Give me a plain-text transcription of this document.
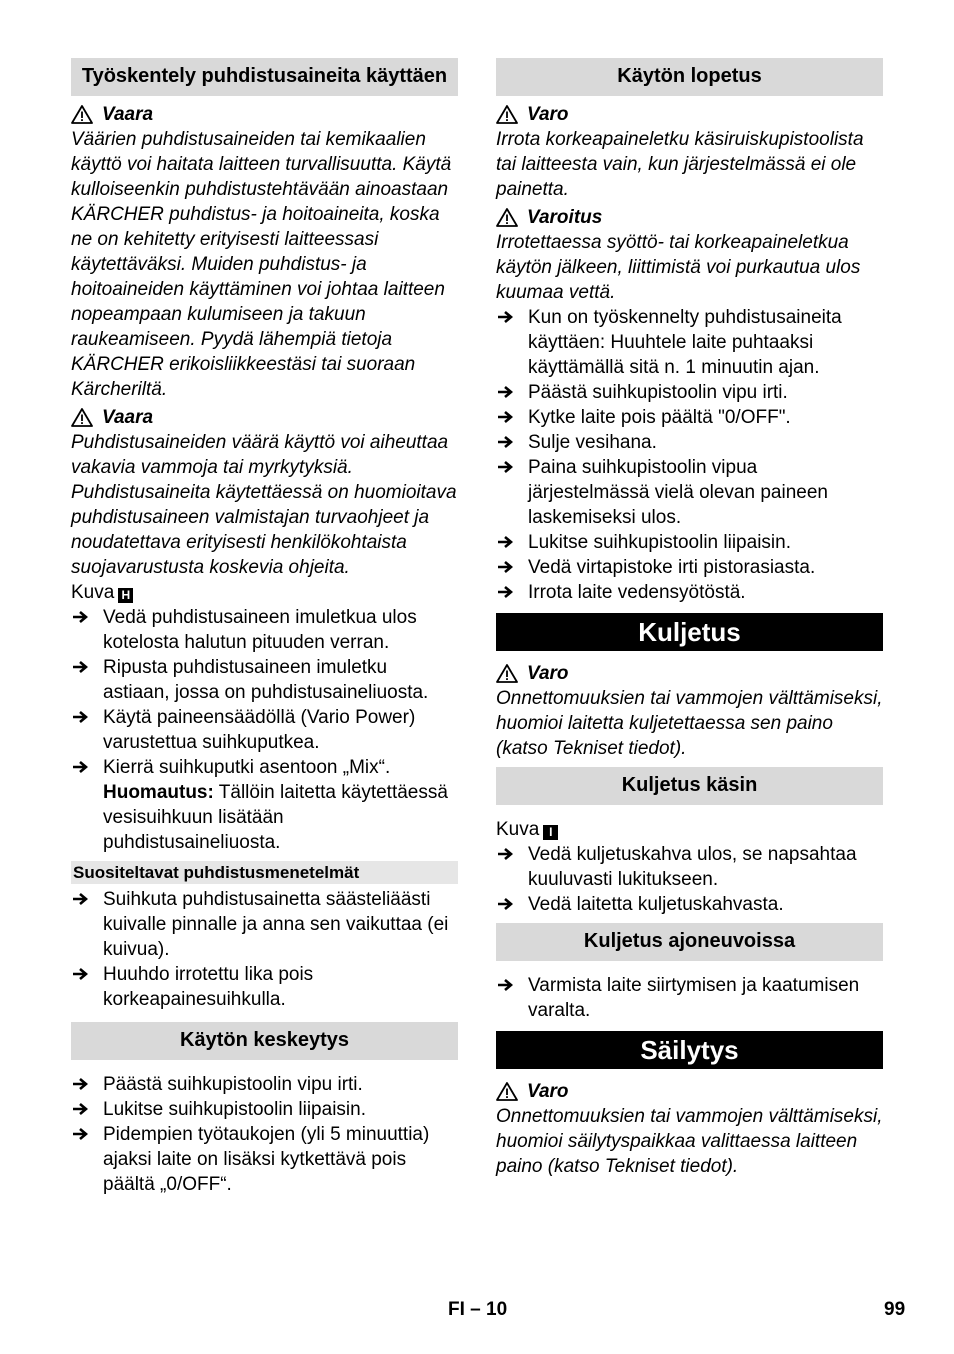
Työskentely puhdistusaineita käyttäen
Vaara
Väärien puhdistusaineiden tai kemikaalien käyttö voi haitata laitteen turvallisuutta. Käytä kulloiseenkin puhdistustehtävään ainoastaan KÄRCHER puhdistus- ja hoitoaineita, koska ne on kehitetty erityisesti laitteessasi käytettäväksi. Muiden puhdistus- ja hoitoaineiden käyttäminen voi johtaa laitteen nopeampaan kulumiseen ja takuun raukeamiseen. Pyydä lähempiä tietoja KÄRCHER erikoisliikkeestäsi tai suoraan Kärcheriltä.
Vaara
Puhdistusaineiden väärä käyttö voi aiheuttaa vakavia vammoja tai myrkytyksiä. Puhdistusaineita käytettäessä on huomioitava puhdistusaineen valmistajan turvaohjeet ja noudatettava erityisesti henkilökohtaista suojavarustusta koskevia ohjeita.
Kuva H
Vedä puhdistusaineen imuletkua ulos kotelosta halutun pituuden verran.
Ripusta puhdistusaineen imuletku astiaan, jossa on puhdistusaineliuosta.
Käytä paineensäädöllä (Vario Power) varustettua suihkuputkea.
Kierrä suihkuputki asentoon „Mix“.
Huomautus: Tällöin laitetta käytettäessä vesisuihkuun lisätään puhdistusaineliuosta.
Suositeltavat puhdistusmenetelmät
Suihkuta puhdistusainetta säästeliäästi kuivalle pinnalle ja anna sen vaikuttaa (ei kuivua).
Huuhdo irrotettu lika pois korkeapainesuihkulla.
Käytön keskeytys
Päästä suihkupistoolin vipu irti.
Lukitse suihkupistoolin liipaisin.
Pidempien työtaukojen (yli 5 minuuttia) ajaksi laite on lisäksi kytkettävä pois päältä „0/OFF“.
Käytön lopetus
Varo
Irrota korkeapaineletku käsiruiskupistoolista tai laitteesta vain, kun järjestelmässä ei ole painetta.
Varoitus
Irrotettaessa syöttö- tai korkeapaineletkua käytön jälkeen, liittimistä voi purkautua ulos kuumaa vettä.
Kun on työskennelty puhdistusaineita käyttäen: Huuhtele laite puhtaaksi käyttämällä sitä n. 1 minuutin ajan.
Päästä suihkupistoolin vipu irti.
Kytke laite pois päältä "0/OFF".
Sulje vesihana.
Paina suihkupistoolin vipua järjestelmässä vielä olevan paineen laskemiseksi ulos.
Lukitse suihkupistoolin liipaisin.
Vedä virtapistoke irti pistorasiasta.
Irrota laite vedensyötöstä.
Kuljetus
Varo
Onnettomuuksien tai vammojen välttämiseksi, huomioi laitetta kuljetettaessa sen paino (katso Tekniset tiedot).
Kuljetus käsin
Kuva I
Vedä kuljetuskahva ulos, se napsahtaa kuuluvasti lukitukseen.
Vedä laitetta kuljetuskahvasta.
Kuljetus ajoneuvoissa
Varmista laite siirtymisen ja kaatumisen varalta.
Säilytys
Varo
Onnettomuuksien tai vammojen välttämiseksi, huomioi säilytyspaikkaa valittaessa laitteen paino (katso Tekniset tiedot).
FI – 10	99
